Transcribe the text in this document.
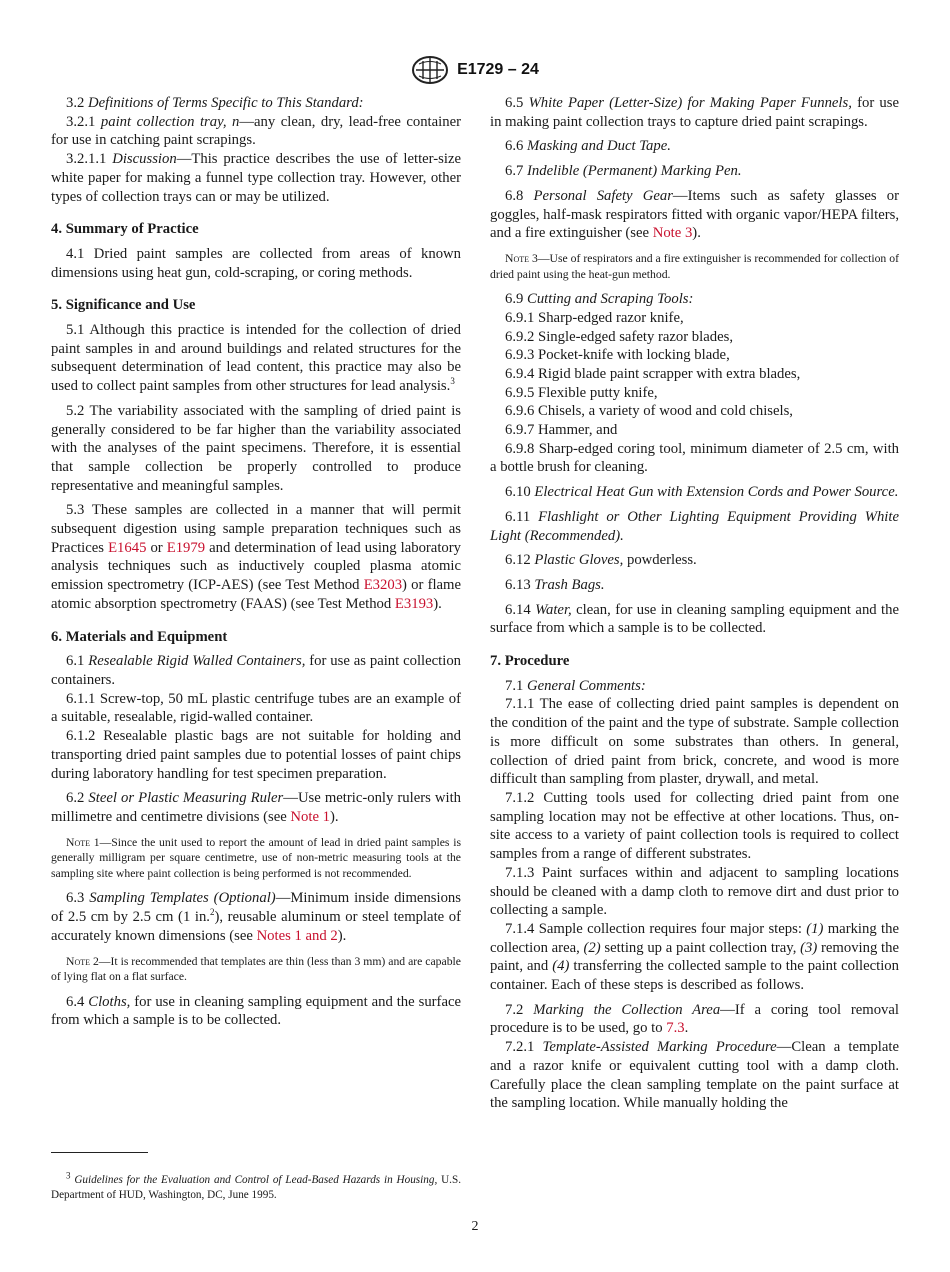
E1729 – 24

3.2 Definitions of Terms Specific to This Standard:

3.2.1 paint collection tray, n—any clean, dry, lead-free container for use in catching paint scrapings.

3.2.1.1 Discussion—This practice describes the use of letter-size white paper for making a funnel type collection tray. However, other types of collection trays can or may be utilized.

4. Summary of Practice

4.1 Dried paint samples are collected from areas of known dimensions using heat gun, cold-scraping, or coring methods.

5. Significance and Use

5.1 Although this practice is intended for the collection of dried paint samples in and around buildings and related structures for the subsequent determination of lead content, this practice may also be used to collect paint samples from other structures for lead analysis.$^3$

5.2 The variability associated with the sampling of dried paint is generally considered to be far higher than the variability associated with the analyses of the paint specimens. Therefore, it is essential that sample collection be properly controlled to produce representative and meaningful samples.

5.3 These samples are collected in a manner that will permit subsequent digestion using sample preparation techniques such as Practices E1645 or E1979 and determination of lead using laboratory analysis techniques such as inductively coupled plasma atomic emission spectrometry (ICP-AES) (see Test Method E3203) or flame atomic absorption spectrometry (FAAS) (see Test Method E3193).

6. Materials and Equipment

6.1 Resealable Rigid Walled Containers, for use as paint collection containers.

6.1.1 Screw-top, 50 mL plastic centrifuge tubes are an example of a suitable, resealable, rigid-walled container.

6.1.2 Resealable plastic bags are not suitable for holding and transporting dried paint samples due to potential losses of paint chips during laboratory handling for test specimen preparation.

6.2 Steel or Plastic Measuring Ruler—Use metric-only rulers with millimetre and centimetre divisions (see Note 1).

Note 1—Since the unit used to report the amount of lead in dried paint samples is generally milligram per square centimetre, use of non-metric measuring tools at the sampling site where paint collection is being performed is not recommended.

6.3 Sampling Templates (Optional)—Minimum inside dimensions of 2.5 cm by 2.5 cm (1 in.$^2$), reusable aluminum or steel template of accurately known dimensions (see Notes 1 and 2).

Note 2—It is recommended that templates are thin (less than 3 mm) and are capable of lying flat on a flat surface.

6.4 Cloths, for use in cleaning sampling equipment and the surface from which a sample is to be collected.

6.5 White Paper (Letter-Size) for Making Paper Funnels, for use in making paint collection trays to capture dried paint scrapings.

6.6 Masking and Duct Tape.

6.7 Indelible (Permanent) Marking Pen.

6.8 Personal Safety Gear—Items such as safety glasses or goggles, half-mask respirators fitted with organic vapor/HEPA filters, and a fire extinguisher (see Note 3).

Note 3—Use of respirators and a fire extinguisher is recommended for collection of dried paint using the heat-gun method.

6.9 Cutting and Scraping Tools:

6.9.1 Sharp-edged razor knife,

6.9.2 Single-edged safety razor blades,

6.9.3 Pocket-knife with locking blade,

6.9.4 Rigid blade paint scrapper with extra blades,

6.9.5 Flexible putty knife,

6.9.6 Chisels, a variety of wood and cold chisels,

6.9.7 Hammer, and

6.9.8 Sharp-edged coring tool, minimum diameter of 2.5 cm, with a bottle brush for cleaning.

6.10 Electrical Heat Gun with Extension Cords and Power Source.

6.11 Flashlight or Other Lighting Equipment Providing White Light (Recommended).

6.12 Plastic Gloves, powderless.

6.13 Trash Bags.

6.14 Water, clean, for use in cleaning sampling equipment and the surface from which a sample is to be collected.

7. Procedure

7.1 General Comments:

7.1.1 The ease of collecting dried paint samples is dependent on the condition of the paint and the type of substrate. Sample collection is more difficult on some substrates than others. In general, collection of dried paint from brick, concrete, and wood is more difficult than sampling from plaster, drywall, and metal.

7.1.2 Cutting tools used for collecting dried paint from one sampling location may not be effective at other locations. Thus, on-site access to a variety of paint collection tools is required to collect samples from a range of different substrates.

7.1.3 Paint surfaces within and adjacent to sampling locations should be cleaned with a damp cloth to remove dirt and dust prior to collecting a sample.

7.1.4 Sample collection requires four major steps: (1) marking the collection area, (2) setting up a paint collection tray, (3) removing the paint, and (4) transferring the collected sample to the paint collection container. Each of these steps is described as follows.

7.2 Marking the Collection Area—If a coring tool removal procedure is to be used, go to 7.3.

7.2.1 Template-Assisted Marking Procedure—Clean a template and a razor knife or equivalent cutting tool with a damp cloth. Carefully place the clean sampling template on the paint surface at the sampling location. While manually holding the

$^3$ Guidelines for the Evaluation and Control of Lead-Based Hazards in Housing, U.S. Department of HUD, Washington, DC, June 1995.

2
